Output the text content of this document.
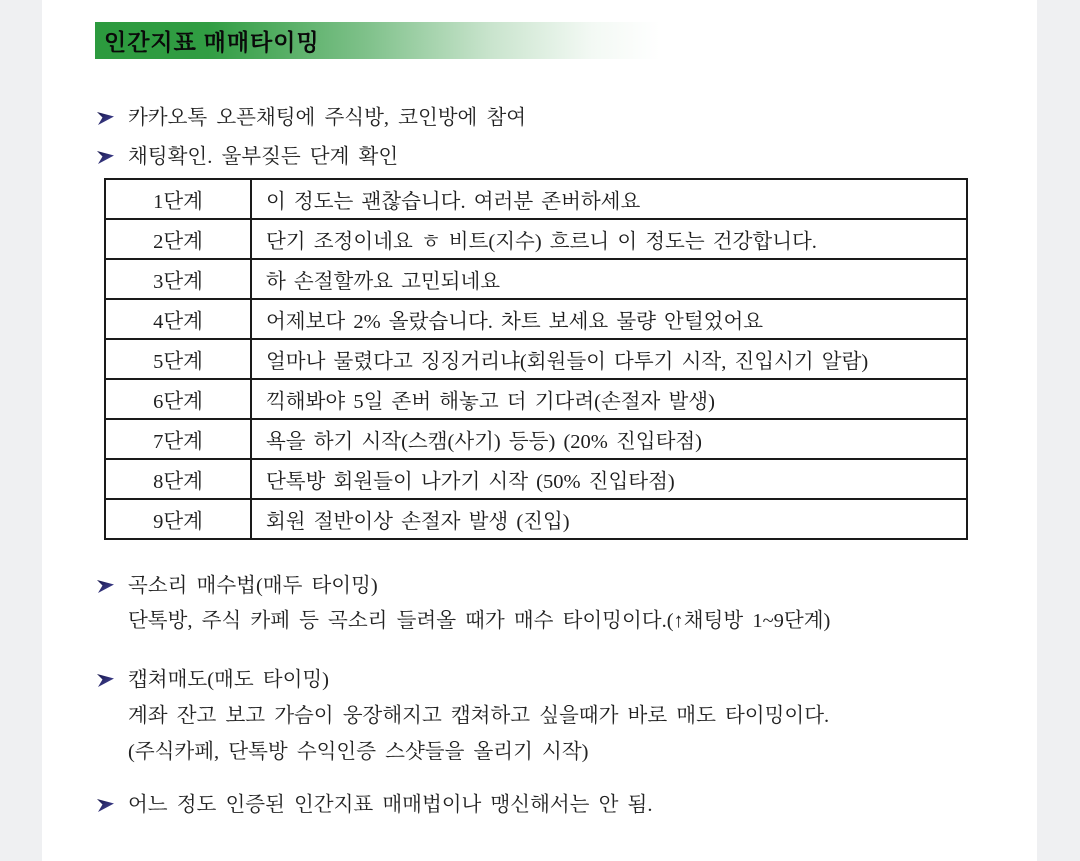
인간지표 매매타이밍
카카오톡 오픈채팅에 주식방, 코인방에 참여
채팅확인. 울부짖든 단계 확인
1단계	이 정도는 괜찮습니다. 여러분 존버하세요
2단계	단기 조정이네요 ㅎ 비트(지수) 흐르니 이 정도는 건강합니다.
3단계	하 손절할까요 고민되네요
4단계	어제보다 2% 올랐습니다. 차트 보세요 물량 안털었어요
5단계	얼마나 물렸다고 징징거리냐(회원들이 다투기 시작, 진입시기 알람)
6단계	끽해봐야 5일 존버 해놓고 더 기다려(손절자 발생)
7단계	욕을 하기 시작(스캠(사기) 등등) (20% 진입타점)
8단계	단톡방 회원들이 나가기 시작 (50% 진입타점)
9단계	회원 절반이상 손절자 발생 (진입)
곡소리 매수법(매두 타이밍)
단톡방, 주식 카페 등 곡소리 들려올 때가 매수 타이밍이다.(↑채팅방 1~9단계)
캡쳐매도(매도 타이밍)
계좌 잔고 보고 가슴이 웅장해지고 캡쳐하고 싶을때가 바로 매도 타이밍이다.
(주식카페, 단톡방 수익인증 스샷들을 올리기 시작)
어느 정도 인증된 인간지표 매매법이나 맹신해서는 안 됨.
